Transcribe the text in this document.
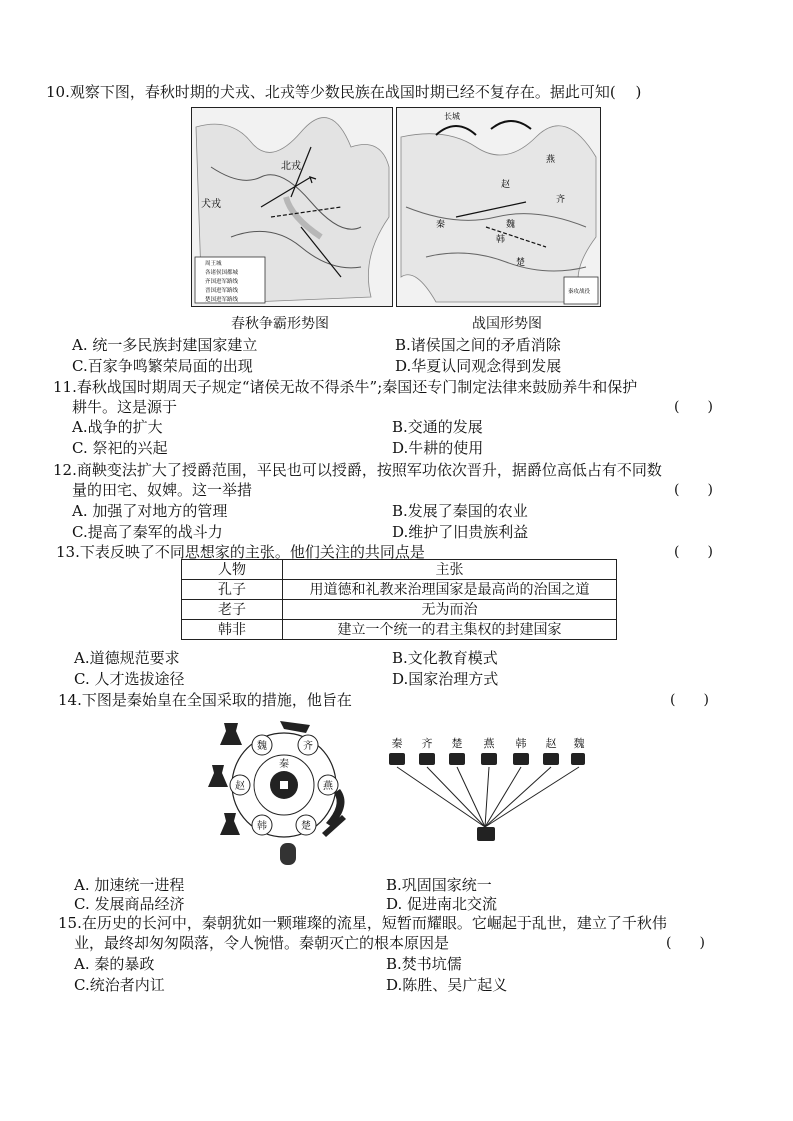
10.观察下图，春秋时期的犬戎、北戎等少数民族在战国时期已经不复存在。据此可知(　 )
北戎
犬戎
周王城
各诸侯国都城
齐国进军路线
晋国进军路线
楚国进军路线
长城
秦
赵
魏
齐
楚
燕
韩
秦攻战役
春秋争霸形势图	战国形势图
A. 统一多民族封建国家建立	B.诸侯国之间的矛盾消除
C.百家争鸣繁荣局面的出现	D.华夏认同观念得到发展
11.春秋战国时期周天子规定“诸侯无故不得杀牛”;秦国还专门制定法律来鼓励养牛和保护
耕牛。这是源于	(　　)
A.战争的扩大	B.交通的发展
C. 祭祀的兴起	D.牛耕的使用
12.商鞅变法扩大了授爵范围，平民也可以授爵，按照军功依次晋升，据爵位高低占有不同数
量的田宅、奴婢。这一举措	(　　)
A. 加强了对地方的管理	B.发展了秦国的农业
C.提高了秦军的战斗力	D.维护了旧贵族利益
13.下表反映了不同思想家的主张。他们关注的共同点是	(　　)
人物	主张
孔子	用道德和礼教来治理国家是最高尚的治国之道
老子	无为而治
韩非	建立一个统一的君主集权的封建国家
A.道德规范要求	B.文化教育模式
C. 人才选拔途径	D.国家治理方式
14.下图是秦始皇在全国采取的措施，他旨在	(　　)
魏	齐
秦
赵	燕
韩	楚
秦 齐 楚 燕 韩 赵 魏
A. 加速统一进程	B.巩固国家统一
C. 发展商品经济	D. 促进南北交流
15.在历史的长河中，秦朝犹如一颗璀璨的流星，短暂而耀眼。它崛起于乱世，建立了千秋伟
业，最终却匆匆陨落，令人惋惜。秦朝灭亡的根本原因是	(　　)
A. 秦的暴政	B.焚书坑儒
C.统治者内讧	D.陈胜、吴广起义
